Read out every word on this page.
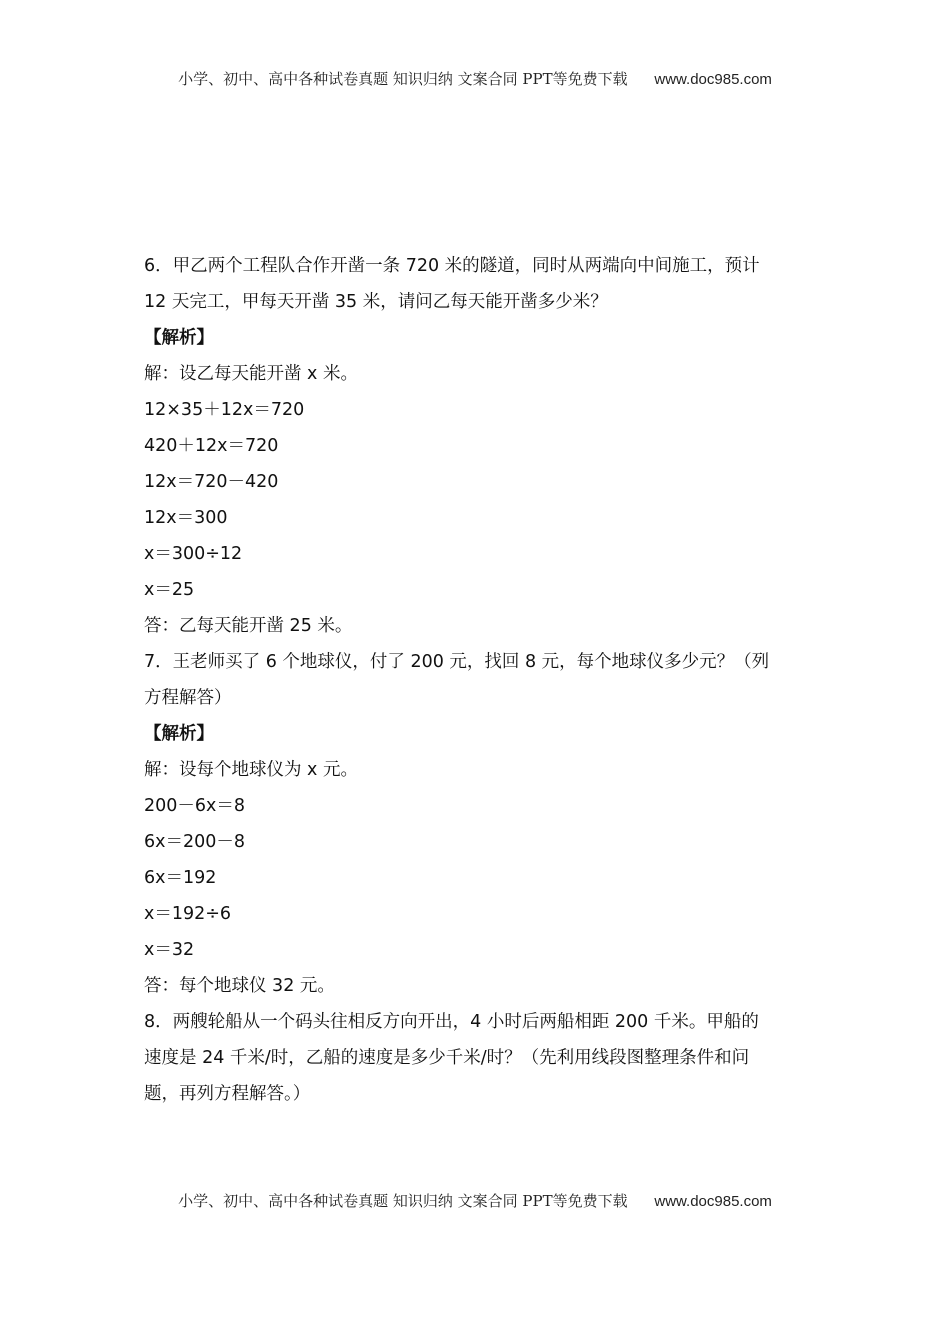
小学、初中、高中各种试卷真题 知识归纳 文案合同 PPT等免费下载 www.doc985.com
6．甲乙两个工程队合作开凿一条 720 米的隧道，同时从两端向中间施工，预计
12 天完工，甲每天开凿 35 米，请问乙每天能开凿多少米？
【解析】
解：设乙每天能开凿 x 米。
12×35＋12x＝720
420＋12x＝720
12x＝720－420
12x＝300
x＝300÷12
x＝25
答：乙每天能开凿 25 米。
7．王老师买了 6 个地球仪，付了 200 元，找回 8 元，每个地球仪多少元？（列
方程解答）
【解析】
解：设每个地球仪为 x 元。
200－6x＝8
6x＝200－8
6x＝192
x＝192÷6
x＝32
答：每个地球仪 32 元。
8．两艘轮船从一个码头往相反方向开出，4 小时后两船相距 200 千米。甲船的
速度是 24 千米/时，乙船的速度是多少千米/时？（先利用线段图整理条件和问
题，再列方程解答。）
小学、初中、高中各种试卷真题 知识归纳 文案合同 PPT等免费下载 www.doc985.com
